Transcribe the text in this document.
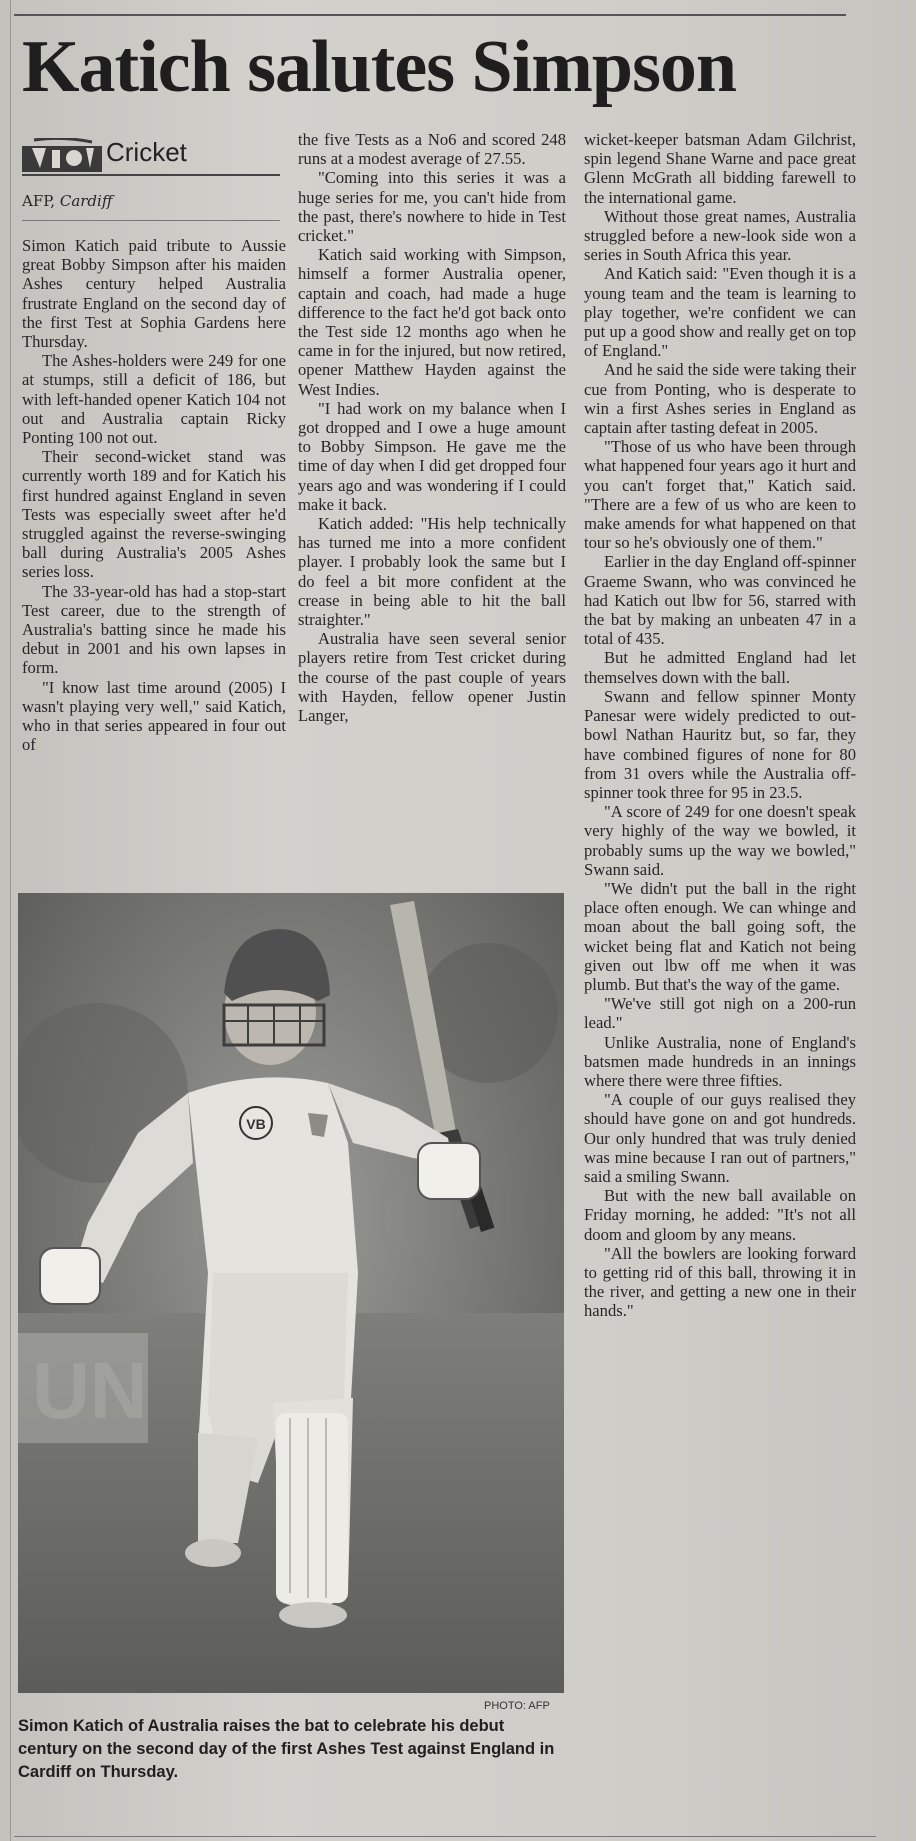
Katich salutes Simpson
Cricket
AFP, Cardiff

Simon Katich paid tribute to Aussie great Bobby Simpson after his maiden Ashes century helped Australia frustrate England on the second day of the first Test at Sophia Gardens here Thursday.

The Ashes-holders were 249 for one at stumps, still a deficit of 186, but with left-handed opener Katich 104 not out and Australia captain Ricky Ponting 100 not out.

Their second-wicket stand was currently worth 189 and for Katich his first hundred against England in seven Tests was especially sweet after he'd struggled against the reverse-swinging ball during Australia's 2005 Ashes series loss.

The 33-year-old has had a stop-start Test career, due to the strength of Australia's batting since he made his debut in 2001 and his own lapses in form.

"I know last time around (2005) I wasn't playing very well," said Katich, who in that series appeared in four out of

the five Tests as a No6 and scored 248 runs at a modest average of 27.55.

"Coming into this series it was a huge series for me, you can't hide from the past, there's nowhere to hide in Test cricket."

Katich said working with Simpson, himself a former Australia opener, captain and coach, had made a huge difference to the fact he'd got back onto the Test side 12 months ago when he came in for the injured, but now retired, opener Matthew Hayden against the West Indies.

"I had work on my balance when I got dropped and I owe a huge amount to Bobby Simpson. He gave me the time of day when I did get dropped four years ago and was wondering if I could make it back.

Katich added: "His help technically has turned me into a more confident player. I probably look the same but I do feel a bit more confident at the crease in being able to hit the ball straighter."

Australia have seen several senior players retire from Test cricket during the course of the past couple of years with Hayden, fellow opener Justin Langer,

wicket-keeper batsman Adam Gilchrist, spin legend Shane Warne and pace great Glenn McGrath all bidding farewell to the international game.

Without those great names, Australia struggled before a new-look side won a series in South Africa this year.

And Katich said: "Even though it is a young team and the team is learning to play together, we're confident we can put up a good show and really get on top of England."

And he said the side were taking their cue from Ponting, who is desperate to win a first Ashes series in England as captain after tasting defeat in 2005.

"Those of us who have been through what happened four years ago it hurt and you can't forget that," Katich said. "There are a few of us who are keen to make amends for what happened on that tour so he's obviously one of them."

Earlier in the day England off-spinner Graeme Swann, who was convinced he had Katich out lbw for 56, starred with the bat by making an unbeaten 47 in a total of 435.

But he admitted England had let themselves down with the ball.

Swann and fellow spinner Monty Panesar were widely predicted to out-bowl Nathan Hauritz but, so far, they have combined figures of none for 80 from 31 overs while the Australia off-spinner took three for 95 in 23.5.

"A score of 249 for one doesn't speak very highly of the way we bowled, it probably sums up the way we bowled," Swann said.

"We didn't put the ball in the right place often enough. We can whinge and moan about the ball going soft, the wicket being flat and Katich not being given out lbw off me when it was plumb. But that's the way of the game.

"We've still got nigh on a 200-run lead."

Unlike Australia, none of England's batsmen made hundreds in an innings where there were three fifties.

"A couple of our guys realised they should have gone on and got hundreds. Our only hundred that was truly denied was mine because I ran out of partners," said a smiling Swann.

But with the new ball available on Friday morning, he added: "It's not all doom and gloom by any means.

"All the bowlers are looking forward to getting rid of this ball, throwing it in the river, and getting a new one in their hands."

UN
VB
PHOTO: AFP
Simon Katich of Australia raises the bat to celebrate his debut century on the second day of the first Ashes Test against England in Cardiff on Thursday.
